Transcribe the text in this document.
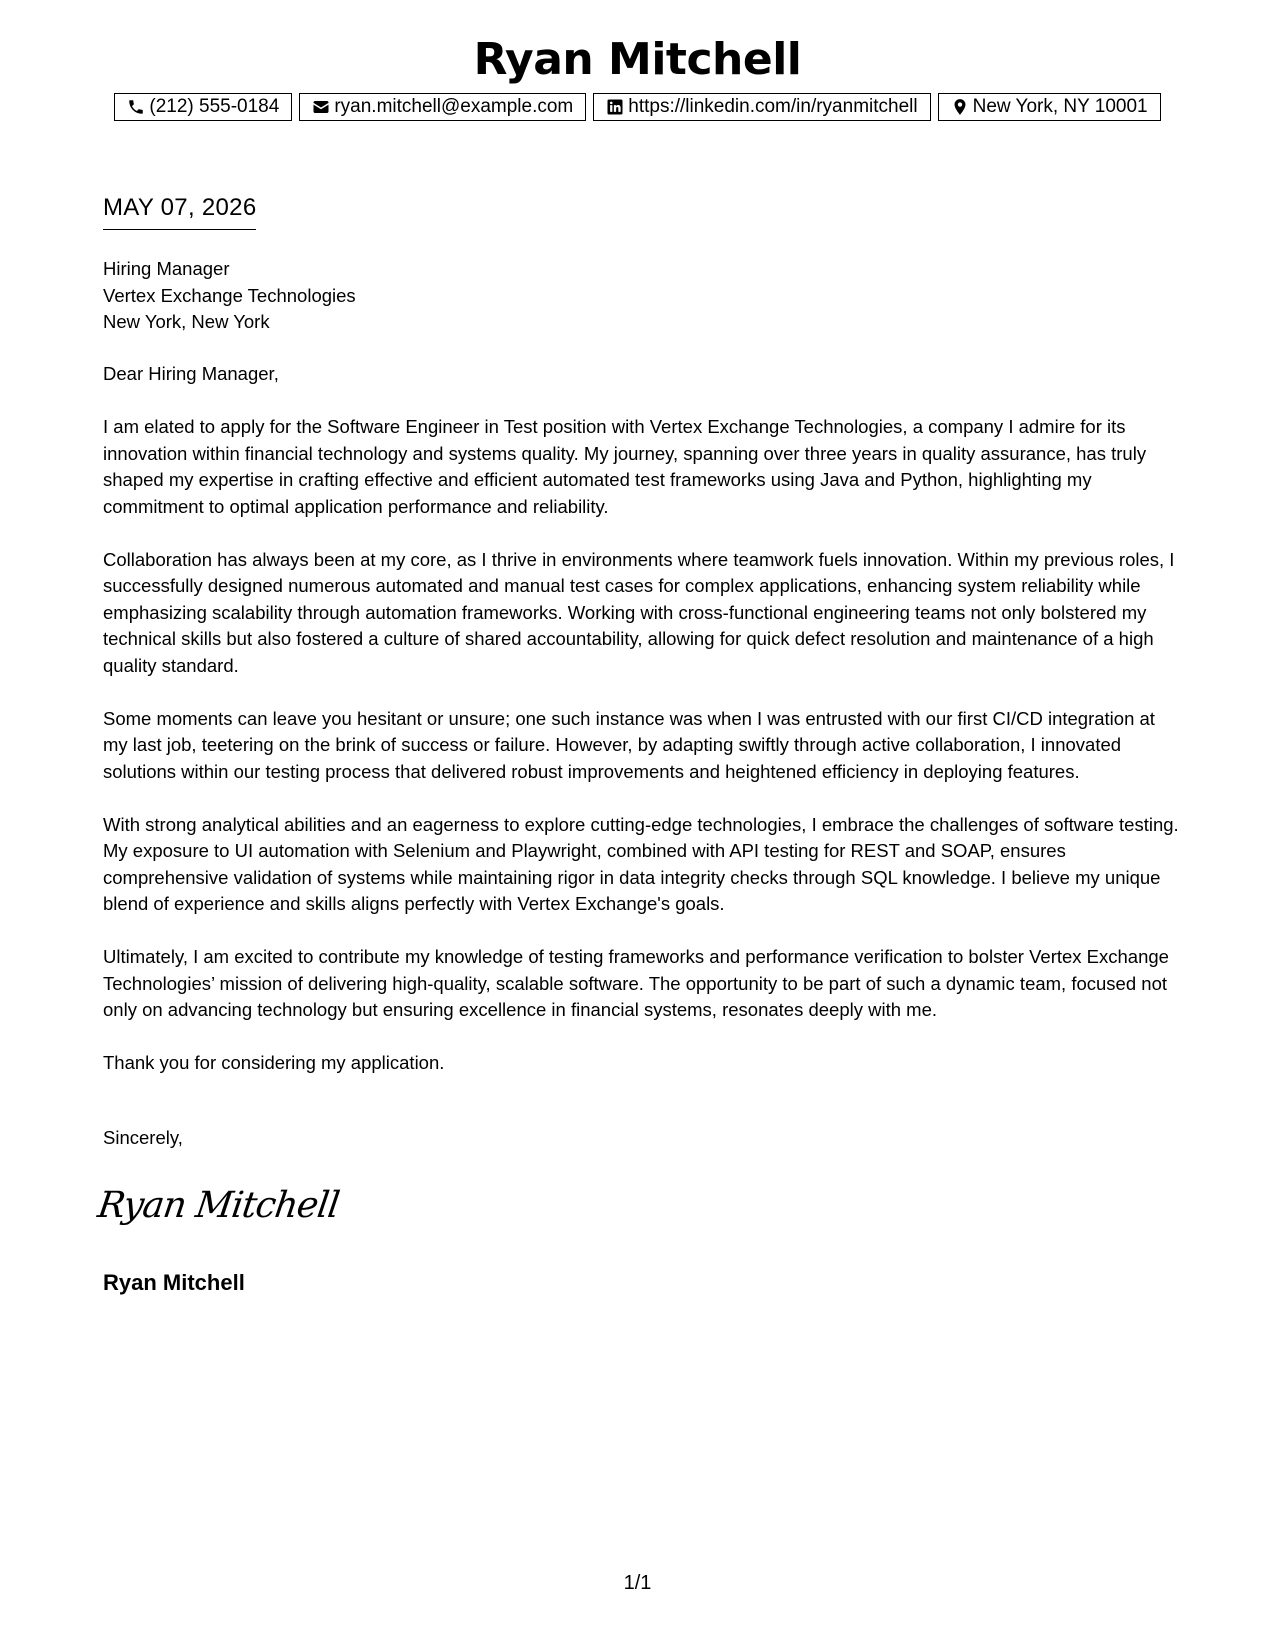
Ryan Mitchell
(212) 555-0184	ryan.mitchell@example.com	https://linkedin.com/in/ryanmitchell	New York, NY 10001
MAY 07, 2026
Hiring Manager
Vertex Exchange Technologies
New York, New York

Dear Hiring Manager,

I am elated to apply for the Software Engineer in Test position with Vertex Exchange Technologies, a company I admire for its innovation within financial technology and systems quality. My journey, spanning over three years in quality assurance, has truly shaped my expertise in crafting effective and efficient automated test frameworks using Java and Python, highlighting my commitment to optimal application performance and reliability.

Collaboration has always been at my core, as I thrive in environments where teamwork fuels innovation. Within my previous roles, I successfully designed numerous automated and manual test cases for complex applications, enhancing system reliability while emphasizing scalability through automation frameworks. Working with cross-functional engineering teams not only bolstered my technical skills but also fostered a culture of shared accountability, allowing for quick defect resolution and maintenance of a high quality standard.

Some moments can leave you hesitant or unsure; one such instance was when I was entrusted with our first CI/CD integration at my last job, teetering on the brink of success or failure. However, by adapting swiftly through active collaboration, I innovated solutions within our testing process that delivered robust improvements and heightened efficiency in deploying features.

With strong analytical abilities and an eagerness to explore cutting-edge technologies, I embrace the challenges of software testing. My exposure to UI automation with Selenium and Playwright, combined with API testing for REST and SOAP, ensures comprehensive validation of systems while maintaining rigor in data integrity checks through SQL knowledge. I believe my unique blend of experience and skills aligns perfectly with Vertex Exchange's goals.

Ultimately, I am excited to contribute my knowledge of testing frameworks and performance verification to bolster Vertex Exchange Technologies’ mission of delivering high-quality, scalable software. The opportunity to be part of such a dynamic team, focused not only on advancing technology but ensuring excellence in financial systems, resonates deeply with me.

Thank you for considering my application.

Sincerely,
Ryan Mitchell
Ryan Mitchell
1/1
